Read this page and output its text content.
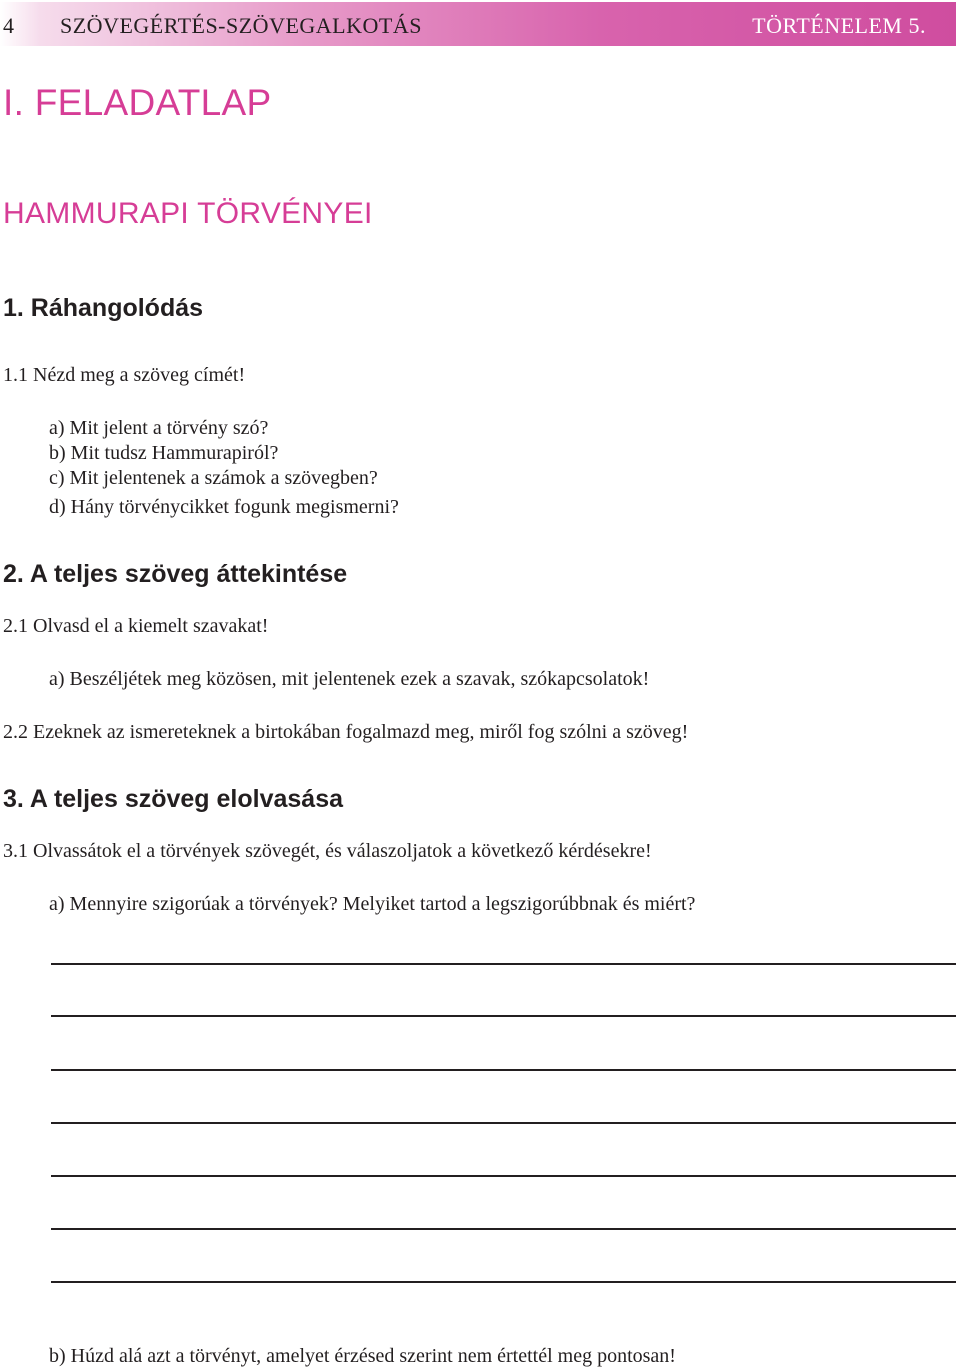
4 SZÖVEGÉRTÉS-SZÖVEGALKOTÁS	TÖRTÉNELEM 5.
I. FELADATLAP
HAMMURAPI TÖRVÉNYEI
1. Ráhangolódás
1.1 Nézd meg a szöveg címét!
a) Mit jelent a törvény szó?
b) Mit tudsz Hammurapiról?
c) Mit jelentenek a számok a szövegben?
d) Hány törvénycikket fogunk megismerni?
2. A teljes szöveg áttekintése
2.1 Olvasd el a kiemelt szavakat!
a) Beszéljétek meg közösen, mit jelentenek ezek a szavak, szókapcsolatok!
2.2 Ezeknek az ismereteknek a birtokában fogalmazd meg, miről fog szólni a szöveg!
3. A teljes szöveg elolvasása
3.1 Olvassátok el a törvények szövegét, és válaszoljatok a következő kérdésekre!
a) Mennyire szigorúak a törvények? Melyiket tartod a legszigorúbbnak és miért?
b) Húzd alá azt a törvényt, amelyet érzésed szerint nem értettél meg pontosan!
